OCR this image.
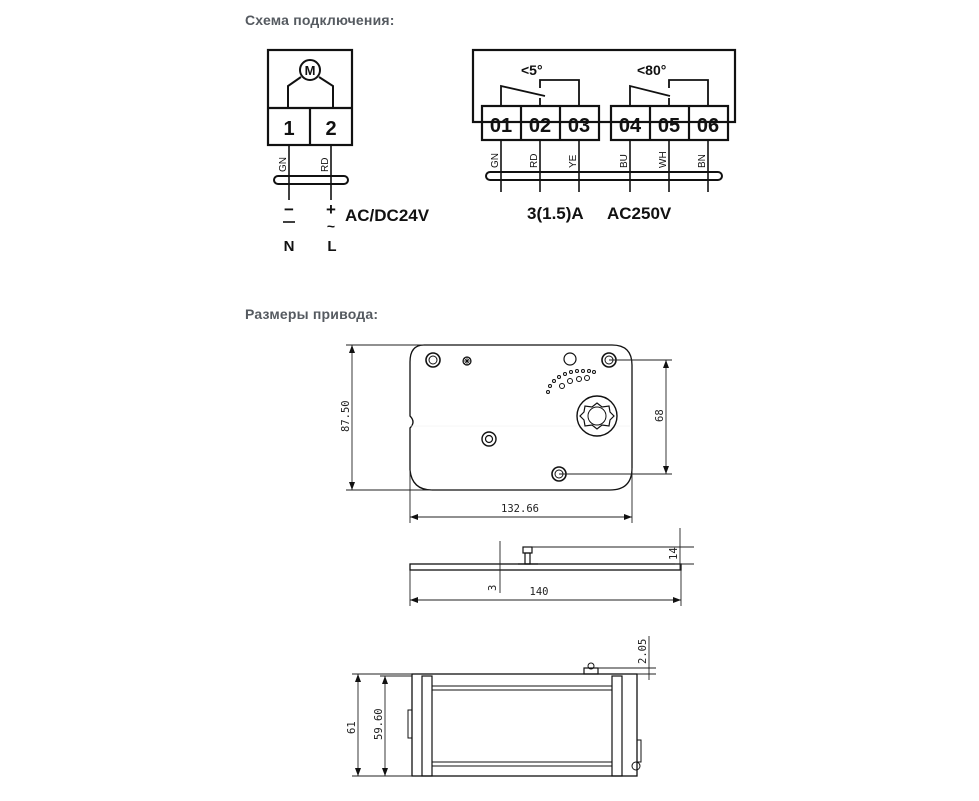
Схема подключения:
Размеры привода:
M
1 2
GN	RD
− +
~
AC/DC24V
N L
<5°	<80°
01 02 03 04 05 06
GN	RD	YE	BU	WH	BN
3(1.5)A AC250V
87.50	68
132.66
14
140
3
61 59.60
2.05
